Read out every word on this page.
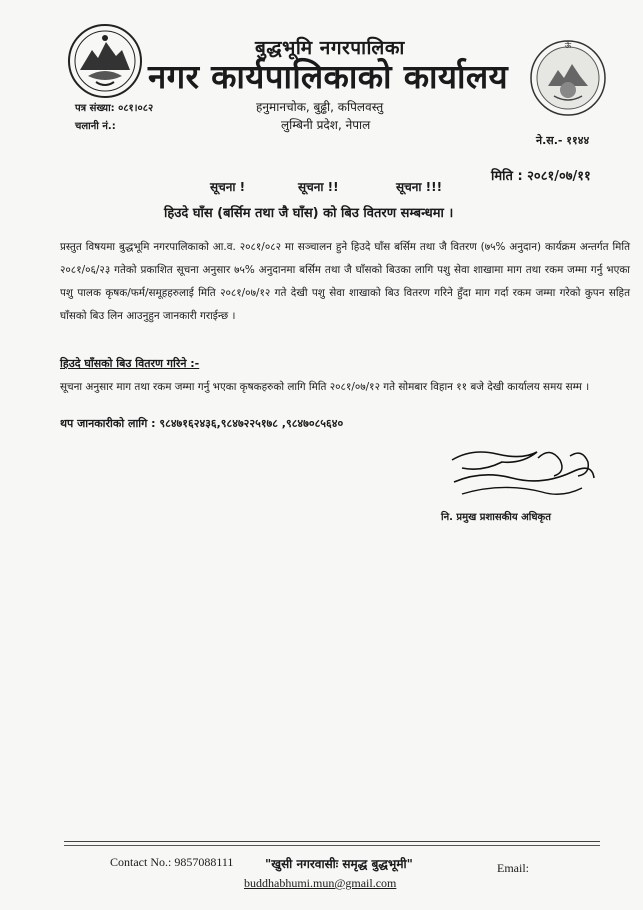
बुद्धभूमि नगरपालिका
नगर कार्यपालिकाको कार्यालय
हनुमानचोक, बुढ्ढी, कपिलवस्तु
लुम्बिनी प्रदेश, नेपाल
ऊँ
पत्र संख्या: ०८१।०८२
चलानी नं.:
ने.स.- ११४४
मिति : २०८१/०७/११
सूचना !	सूचना !!	सूचना !!!
हिउदे घाँस (बर्सिम तथा जै घाँस) को बिउ वितरण सम्बन्धमा ।

प्रस्तुत विषयमा बुद्धभूमि नगरपालिकाको आ.व. २०८१/०८२ मा सञ्चालन हुने हिउदे घाँस बर्सिम तथा जै वितरण (७५% अनुदान) कार्यक्रम अन्तर्गत मिति २०८१/०६/२३ गतेको प्रकाशित सूचना अनुसार ७५% अनुदानमा बर्सिम तथा जै घाँसको बिउका लागि पशु सेवा शाखामा माग तथा रकम जम्मा गर्नु भएका पशु पालक कृषक/फर्म/समूहहरुलाई मिति २०८१/०७/१२ गते देखी पशु सेवा शाखाको बिउ वितरण गरिने हुँदा माग गर्दा रकम जम्मा गरेको कुपन सहित घाँसको बिउ लिन आउनुहुन जानकारी गराईन्छ ।

हिउदे घाँसको बिउ वितरण गरिने :-
सूचना अनुसार माग तथा रकम जम्मा गर्नु भएका कृषकहरुको लागि मिति २०८१/०७/१२ गते सोमबार विहान ११ बजे देखी कार्यालय समय सम्म ।
थप जानकारीको लागि : ९८४७१६२४३६,९८४७२२५१७८ ,९८४७०८५६४०
नि. प्रमुख प्रशासकीय अधिकृत
Contact No.: 9857088111	"खुसी नगरवासीः समृद्ध बुद्धभूमी"	Email:
buddhabhumi.mun@gmail.com
